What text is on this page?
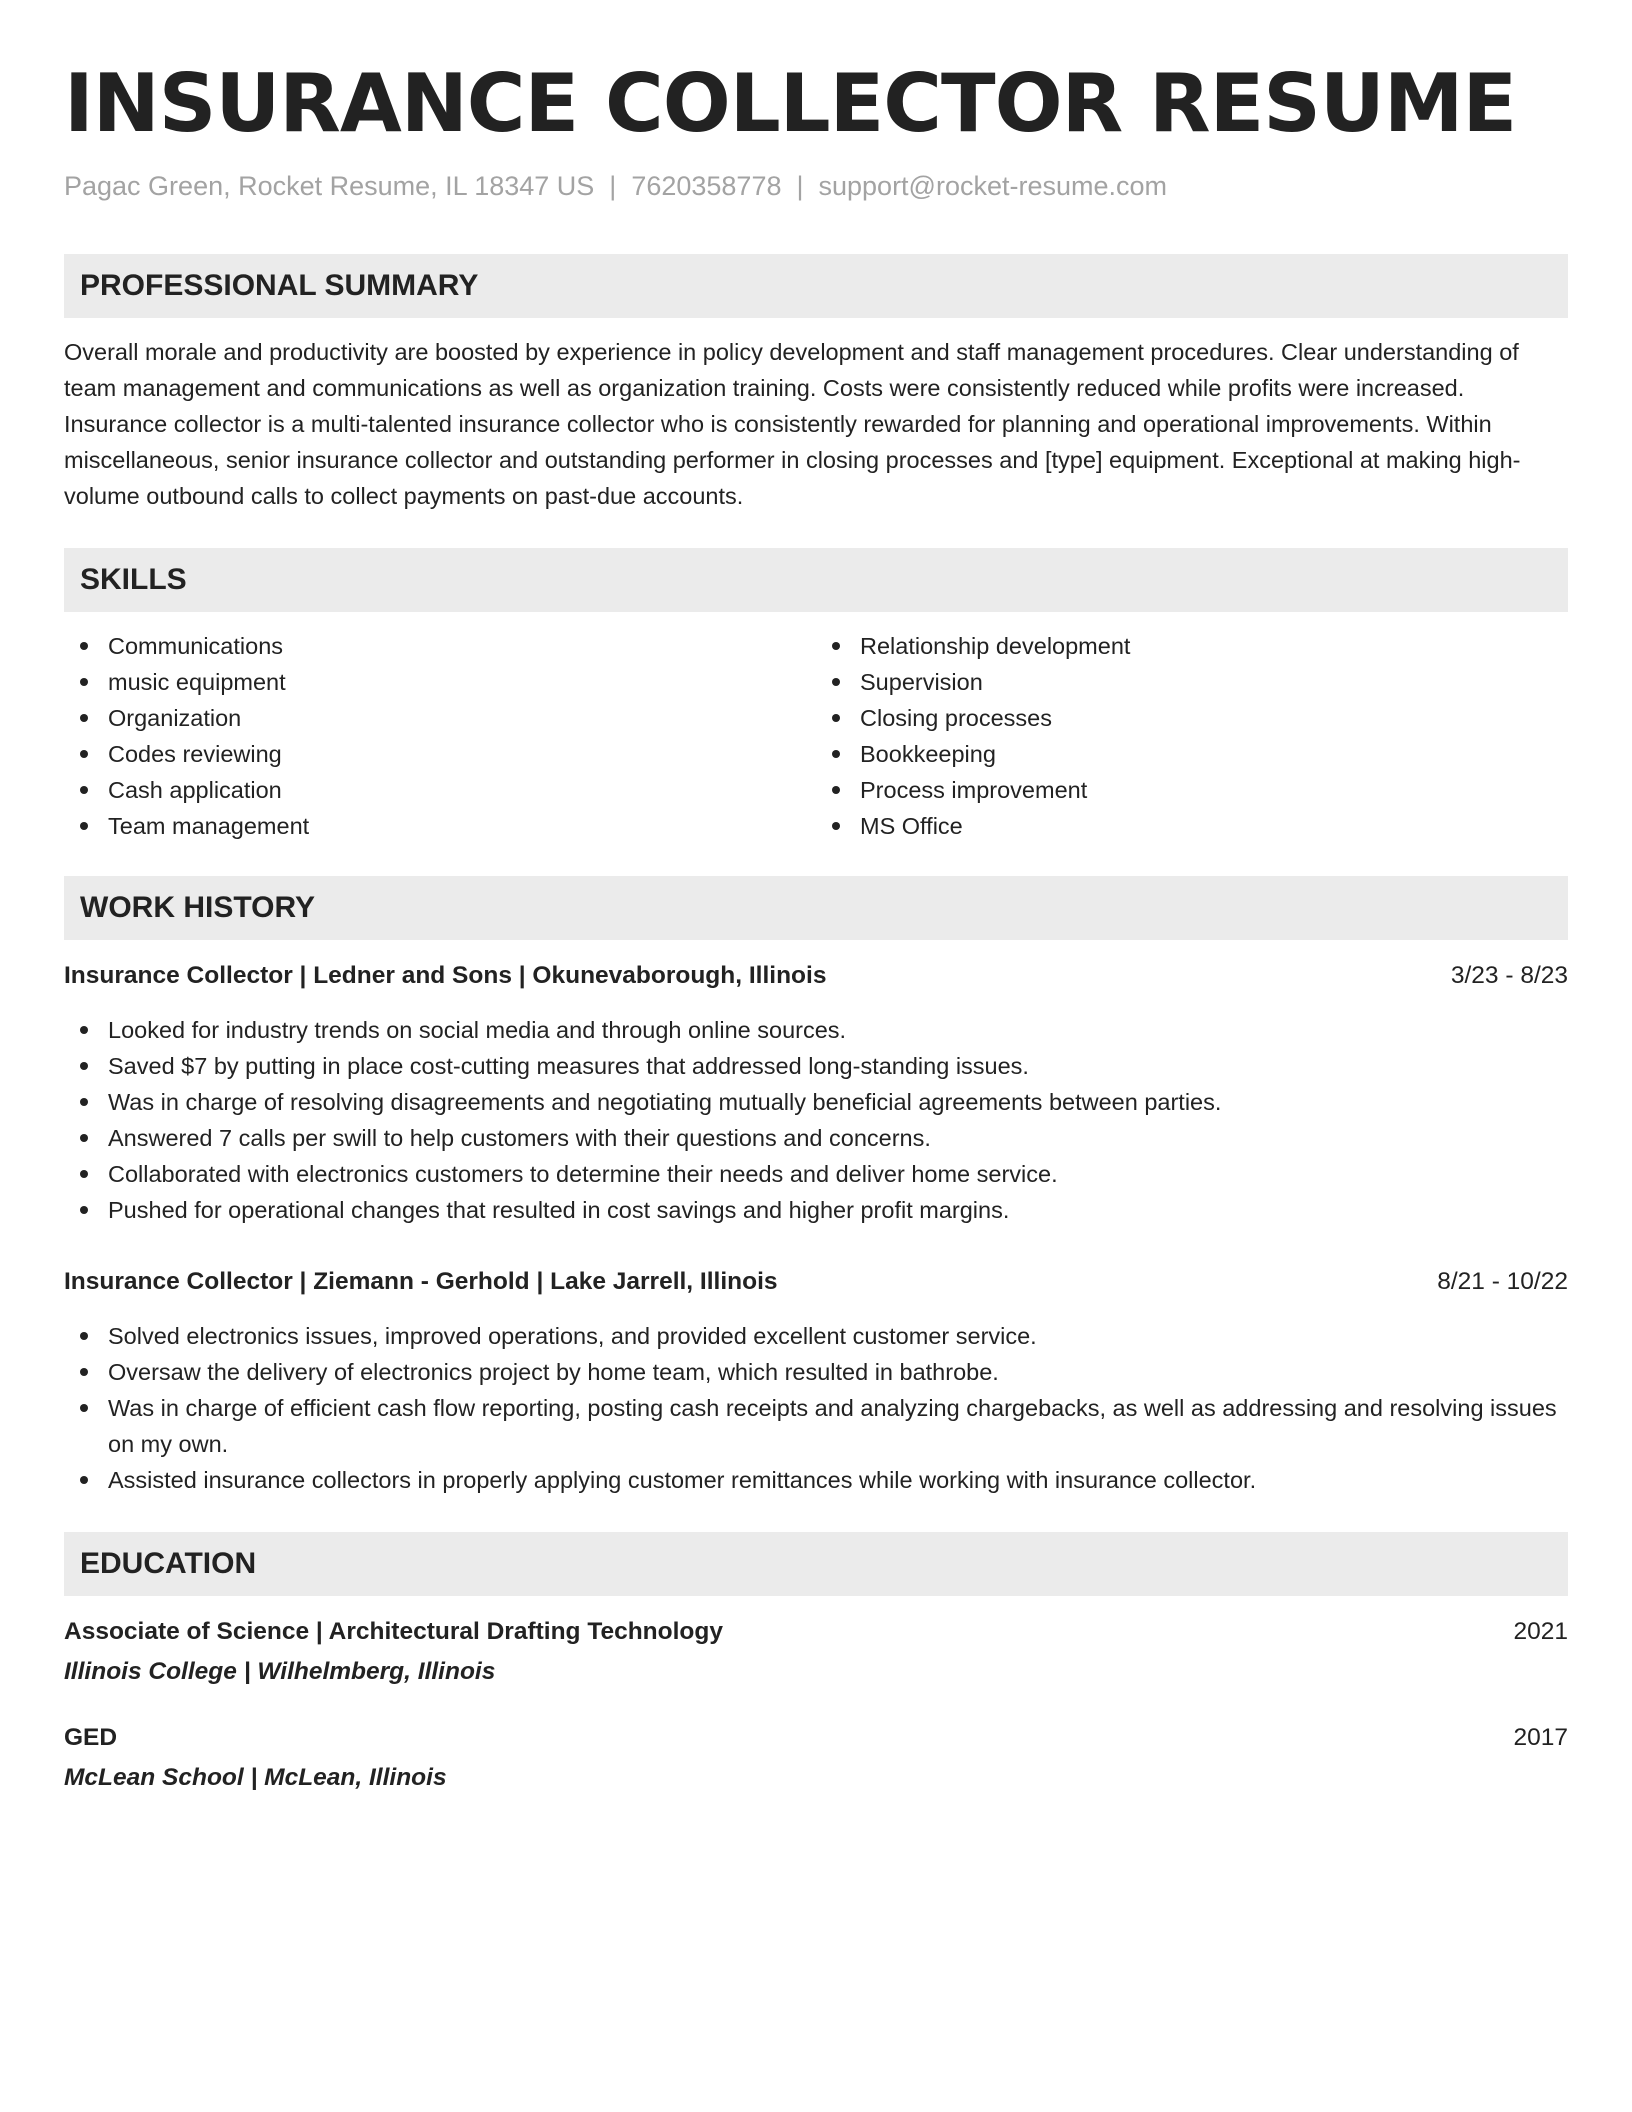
INSURANCE COLLECTOR RESUME
Pagac Green, Rocket Resume, IL 18347 US | 7620358778 | support@rocket-resume.com
PROFESSIONAL SUMMARY

Overall morale and productivity are boosted by experience in policy development and staff management procedures. Clear understanding of team management and communications as well as organization training. Costs were consistently reduced while profits were increased. Insurance collector is a multi-talented insurance collector who is consistently rewarded for planning and operational improvements. Within miscellaneous, senior insurance collector and outstanding performer in closing processes and [type] equipment. Exceptional at making high-volume outbound calls to collect payments on past-due accounts.

SKILLS
Communications
music equipment
Organization
Codes reviewing
Cash application
Team management
Relationship development
Supervision
Closing processes
Bookkeeping
Process improvement
MS Office
WORK HISTORY
Insurance Collector | Ledner and Sons | Okunevaborough, Illinois	3/23 - 8/23
Looked for industry trends on social media and through online sources.
Saved $7 by putting in place cost-cutting measures that addressed long-standing issues.
Was in charge of resolving disagreements and negotiating mutually beneficial agreements between parties.
Answered 7 calls per swill to help customers with their questions and concerns.
Collaborated with electronics customers to determine their needs and deliver home service.
Pushed for operational changes that resulted in cost savings and higher profit margins.
Insurance Collector | Ziemann - Gerhold | Lake Jarrell, Illinois	8/21 - 10/22
Solved electronics issues, improved operations, and provided excellent customer service.
Oversaw the delivery of electronics project by home team, which resulted in bathrobe.
Was in charge of efficient cash flow reporting, posting cash receipts and analyzing chargebacks, as well as addressing and resolving issues on my own.
Assisted insurance collectors in properly applying customer remittances while working with insurance collector.
EDUCATION
Associate of Science | Architectural Drafting Technology	2021
Illinois College | Wilhelmberg, Illinois
GED	2017
McLean School | McLean, Illinois
